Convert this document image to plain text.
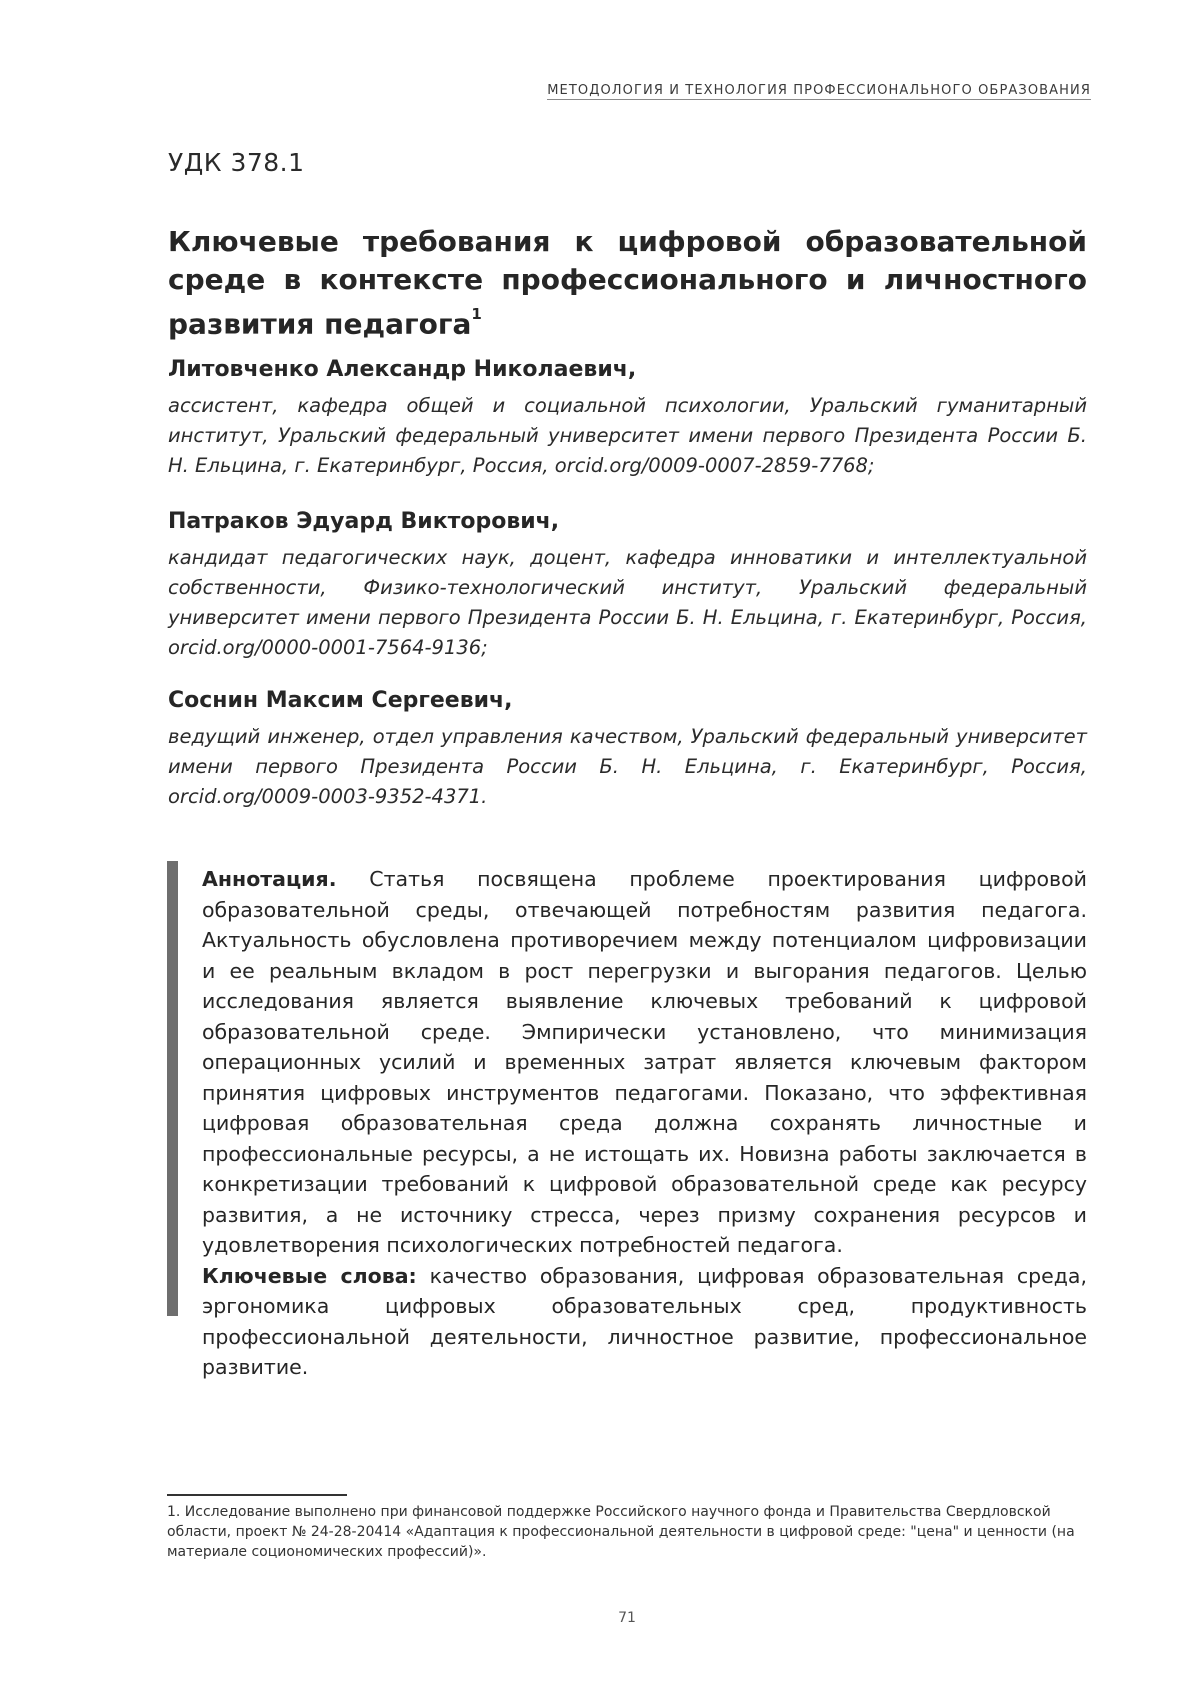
МЕТОДОЛОГИЯ И ТЕХНОЛОГИЯ ПРОФЕССИОНАЛЬНОГО ОБРАЗОВАНИЯ
УДК 378.1
Ключевые требования к цифровой образовательной среде в контексте профессионального и личностного развития педагога$^1$

Литовченко Александр Николаевич,

ассистент, кафедра общей и социальной психологии, Уральский гуманитарный институт, Уральский федеральный университет имени первого Президента России Б. Н. Ельцина, г. Екатеринбург, Россия, orcid.org/0009-0007-2859-7768;

Патраков Эдуард Викторович,

кандидат педагогических наук, доцент, кафедра инноватики и интеллектуальной собственности, Физико-технологический институт, Уральский федеральный университет имени первого Президента России Б. Н. Ельцина, г. Екатеринбург, Россия, orcid.org/0000-0001-7564-9136;

Соснин Максим Сергеевич,

ведущий инженер, отдел управления качеством, Уральский федеральный университет имени первого Президента России Б. Н. Ельцина, г. Екатеринбург, Россия, orcid.org/0009-0003-9352-4371.

Аннотация. Статья посвящена проблеме проектирования цифровой образовательной среды, отвечающей потребностям развития педагога. Актуальность обусловлена противоречием между потенциалом цифровизации и ее реальным вкладом в рост перегрузки и выгорания педагогов. Целью исследования является выявление ключевых требований к цифровой образовательной среде. Эмпирически установлено, что минимизация операционных усилий и временных затрат является ключевым фактором принятия цифровых инструментов педагогами. Показано, что эффективная цифровая образовательная среда должна сохранять личностные и профессиональные ресурсы, а не истощать их. Новизна работы заключается в конкретизации требований к цифровой образовательной среде как ресурсу развития, а не источнику стресса, через призму сохранения ресурсов и удовлетворения психологических потребностей педагога.
Ключевые слова: качество образования, цифровая образовательная среда, эргономика цифровых образовательных сред, продуктивность профессиональной деятельности, личностное развитие, профессиональное развитие.

1. Исследование выполнено при финансовой поддержке Российского научного фонда и Правительства Свердловской области, проект № 24-28-20414 «Адаптация к профессиональной деятельности в цифровой среде: "цена" и ценности (на материале социономических профессий)».

71
